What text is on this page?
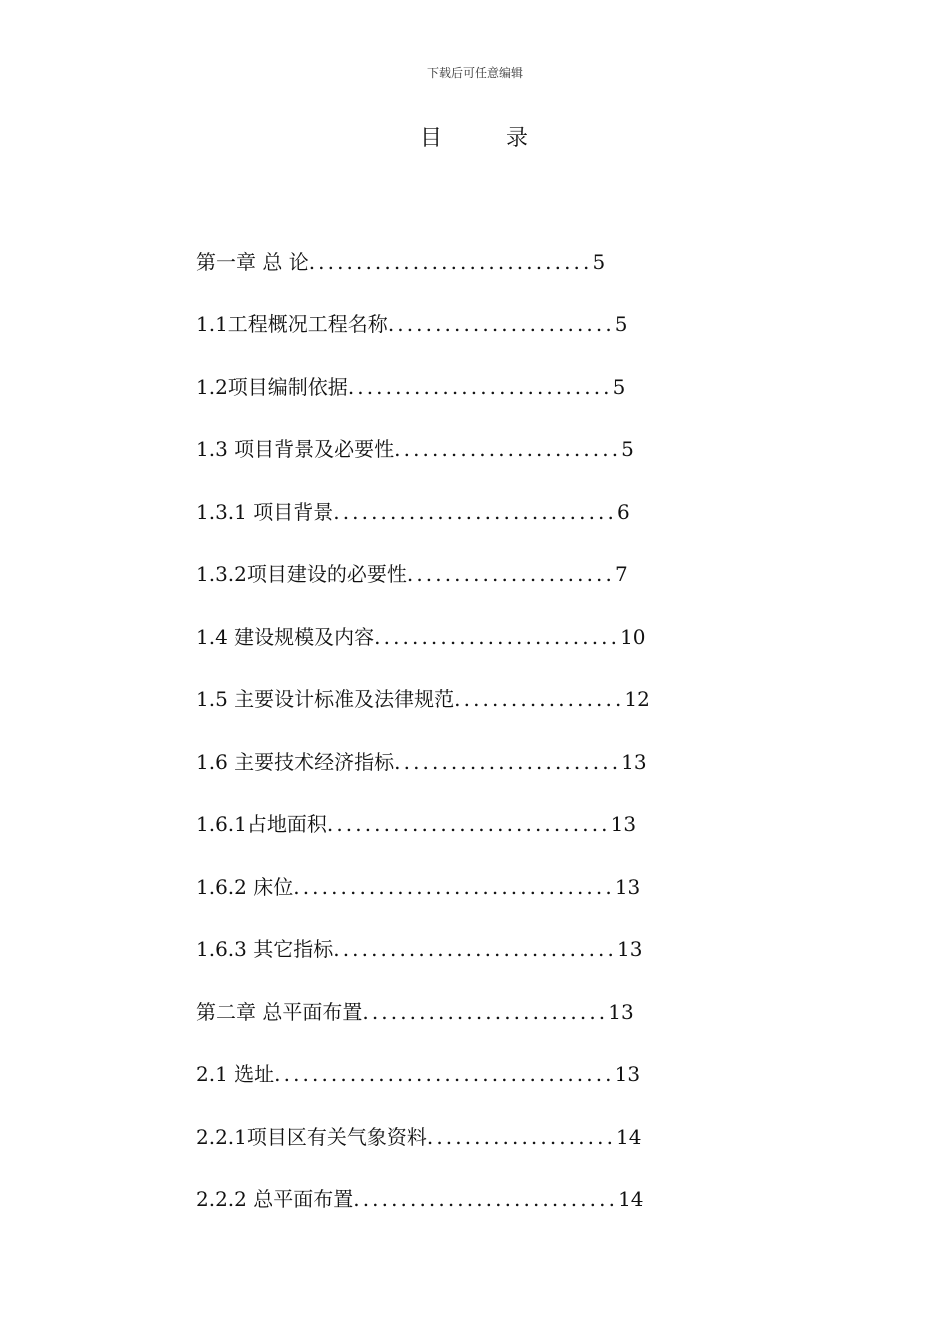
下载后可任意编辑
目	录
第一章 总 论..............................5
1.1工程概况工程名称........................5
1.2项目编制依据............................5
1.3 项目背景及必要性........................5
1.3.1 项目背景..............................6
1.3.2项目建设的必要性......................7
1.4 建设规模及内容..........................10
1.5 主要设计标准及法律规范..................12
1.6 主要技术经济指标........................13
1.6.1占地面积..............................13
1.6.2 床位..................................13
1.6.3 其它指标..............................13
第二章 总平面布置..........................13
2.1 选址....................................13
2.2.1项目区有关气象资料....................14
2.2.2 总平面布置............................14
